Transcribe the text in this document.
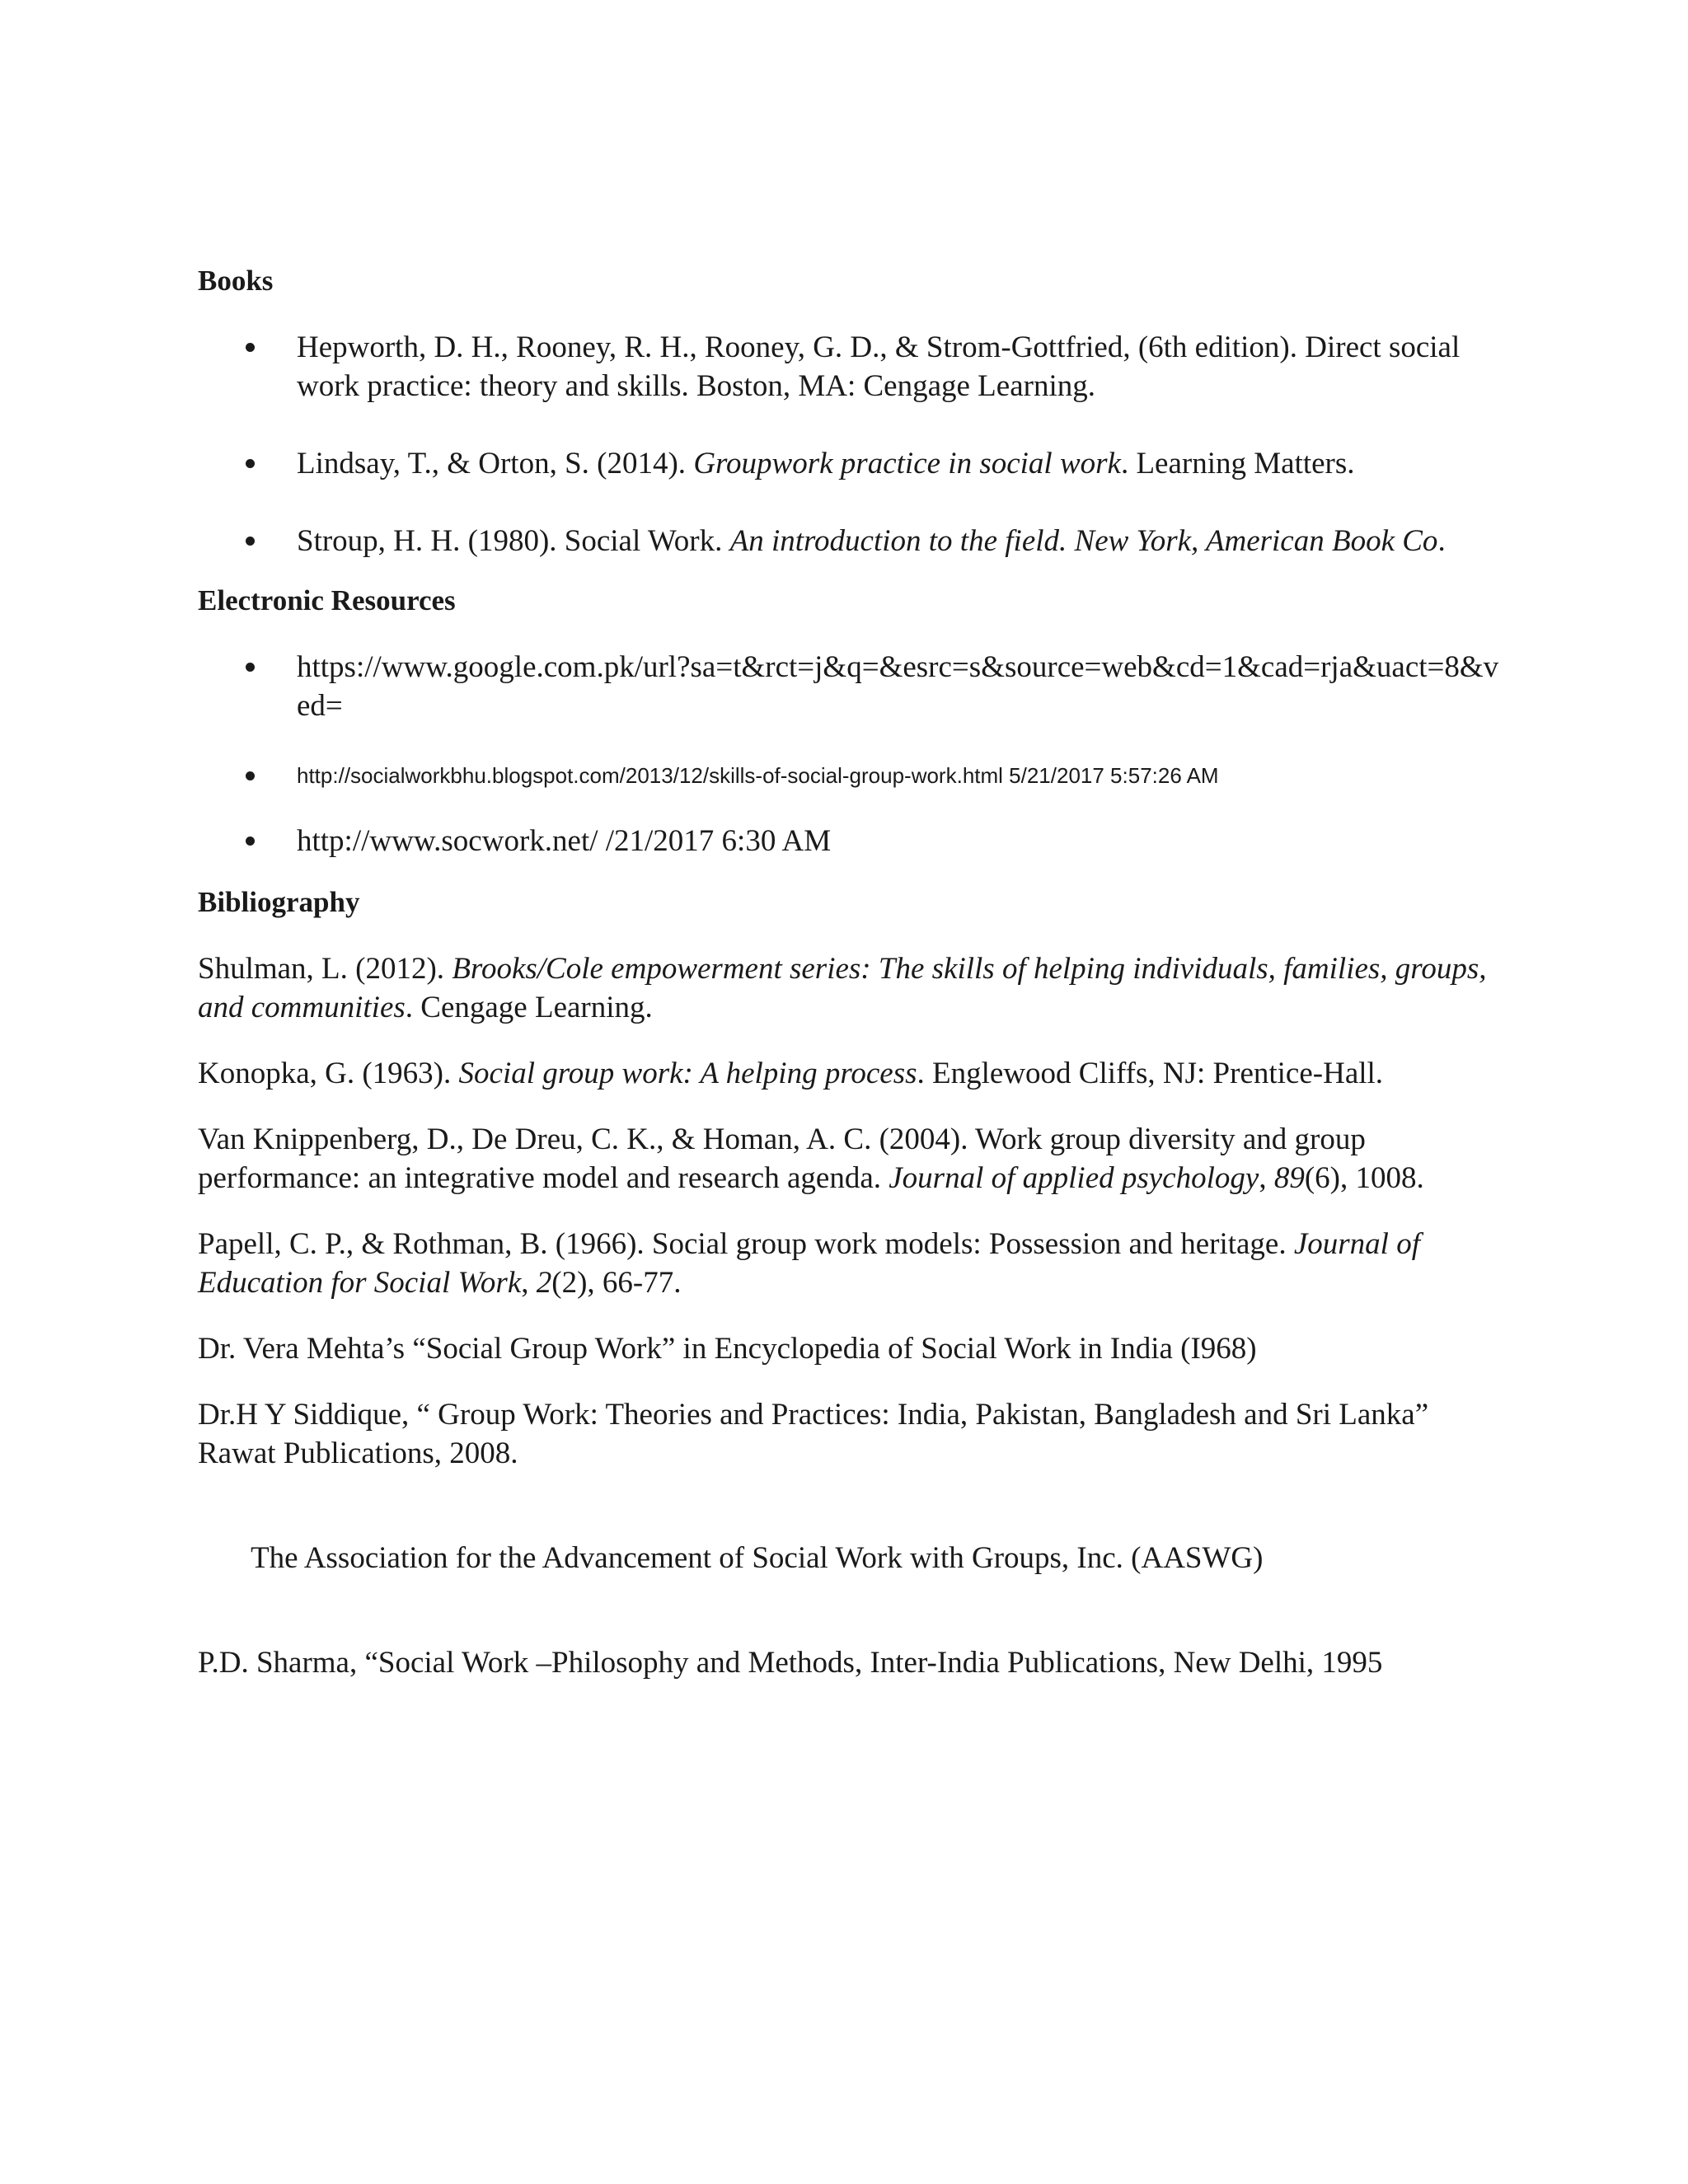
Books
Hepworth, D. H., Rooney, R. H., Rooney, G. D., & Strom-Gottfried, (6th edition). Direct social work practice: theory and skills. Boston, MA: Cengage Learning.
Lindsay, T., & Orton, S. (2014). Groupwork practice in social work. Learning Matters.
Stroup, H. H. (1980). Social Work. An introduction to the field. New York, American Book Co.
Electronic Resources
https://www.google.com.pk/url?sa=t&rct=j&q=&esrc=s&source=web&cd=1&cad=rja&uact=8&ved=
http://socialworkbhu.blogspot.com/2013/12/skills-of-social-group-work.html 5/21/2017 5:57:26 AM
http://www.socwork.net/ /21/2017 6:30 AM
Bibliography

Shulman, L. (2012). Brooks/Cole empowerment series: The skills of helping individuals, families, groups, and communities. Cengage Learning.

Konopka, G. (1963). Social group work: A helping process. Englewood Cliffs, NJ: Prentice-Hall.

Van Knippenberg, D., De Dreu, C. K., & Homan, A. C. (2004). Work group diversity and group performance: an integrative model and research agenda. Journal of applied psychology, 89(6), 1008.

Papell, C. P., & Rothman, B. (1966). Social group work models: Possession and heritage. Journal of Education for Social Work, 2(2), 66-77.

Dr. Vera Mehta’s “Social Group Work” in Encyclopedia of Social Work in India (I968)

Dr.H Y Siddique, “ Group Work: Theories and Practices: India, Pakistan, Bangladesh and Sri Lanka” Rawat Publications, 2008.

The Association for the Advancement of Social Work with Groups, Inc. (AASWG)

P.D. Sharma, “Social Work –Philosophy and Methods, Inter-India Publications, New Delhi, 1995
